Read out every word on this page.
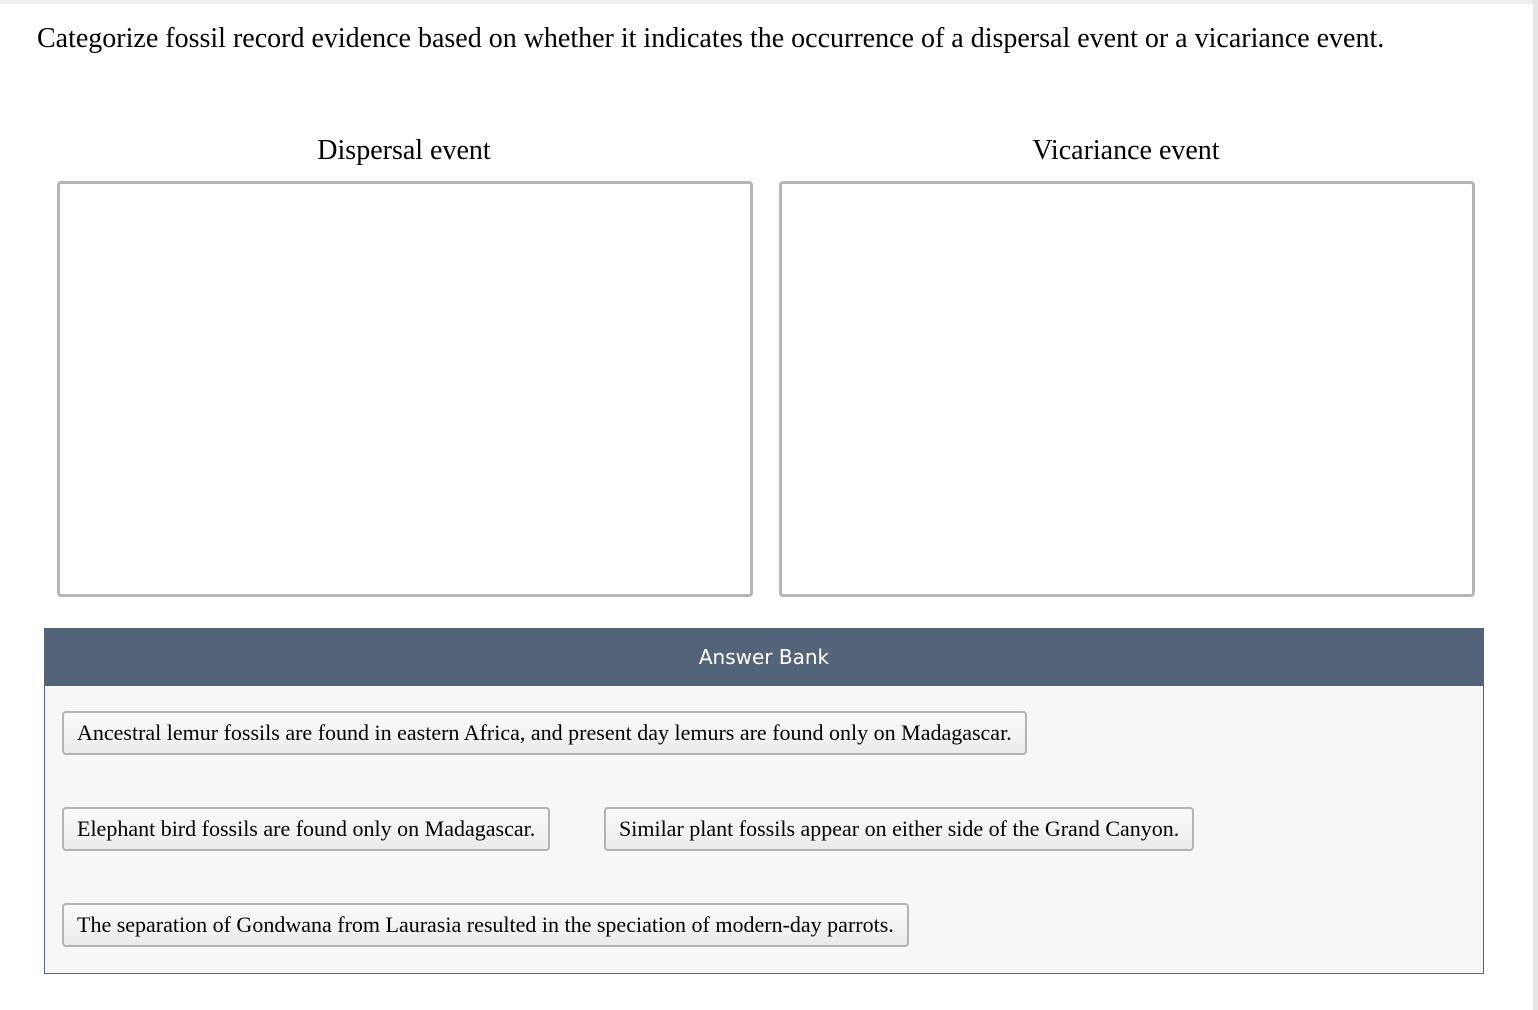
Categorize fossil record evidence based on whether it indicates the occurrence of a dispersal event or a vicariance event.
Dispersal event	Vicariance event
Answer Bank
Ancestral lemur fossils are found in eastern Africa, and present day lemurs are found only on Madagascar.
Elephant bird fossils are found only on Madagascar.	Similar plant fossils appear on either side of the Grand Canyon.
The separation of Gondwana from Laurasia resulted in the speciation of modern-day parrots.
